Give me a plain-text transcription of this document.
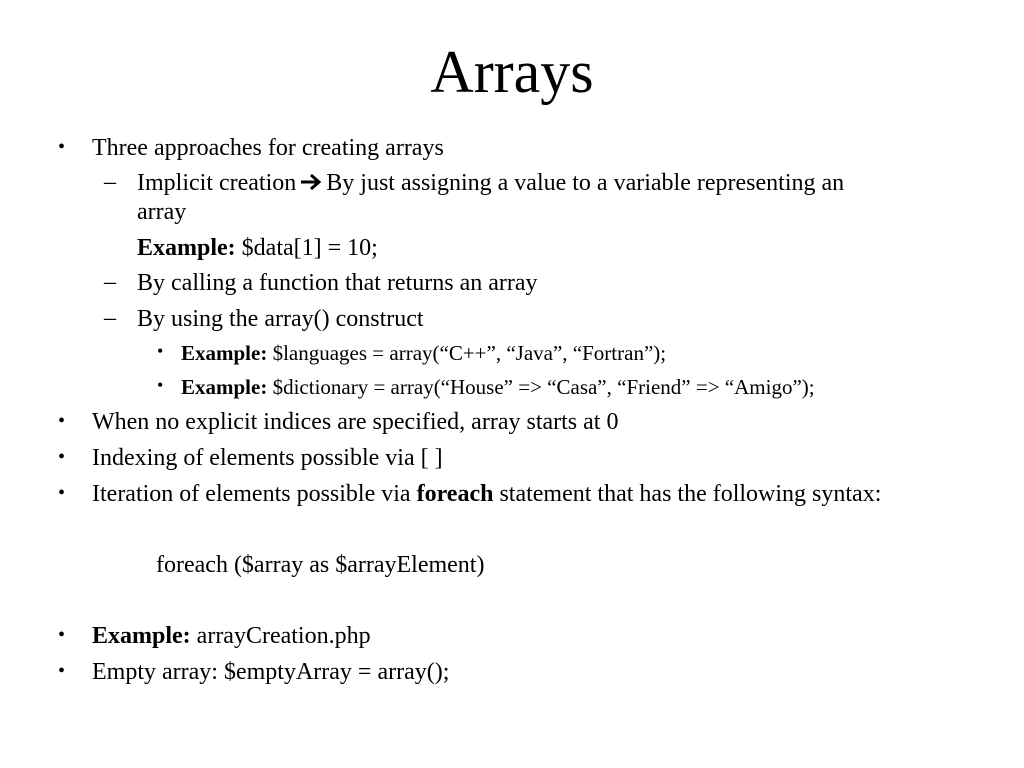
Arrays
• Three approaches for creating arrays
– Implicit creation By just assigning a value to a variable representing an
array
Example: $data[1] = 10;
– By calling a function that returns an array
– By using the array() construct
• Example: $languages = array(“C++”, “Java”, “Fortran”);
• Example: $dictionary = array(“House” => “Casa”, “Friend” => “Amigo”);
• When no explicit indices are specified, array starts at 0
• Indexing of elements possible via [ ]
• Iteration of elements possible via foreach statement that has the following syntax:
foreach ($array as $arrayElement)
• Example: arrayCreation.php
• Empty array: $emptyArray = array();
